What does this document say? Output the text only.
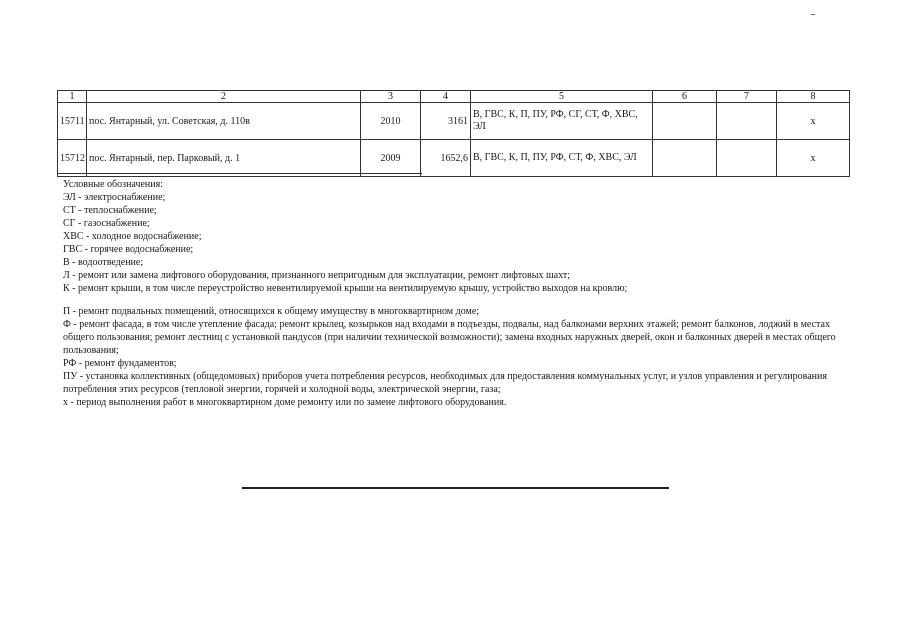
1	2	3	4	5	6	7	8
15711	пос. Янтарный, ул. Советская, д. 110в	2010	3161	В, ГВС, К, П, ПУ, РФ, СГ, СТ, Ф, ХВС, ЭЛ			х
15712	пос. Янтарный, пер. Парковый, д. 1	2009	1652,6	В, ГВС, К, П, ПУ, РФ, СТ, Ф, ХВС, ЭЛ			х
Условные обозначения:
ЭЛ - электроснабжение;
СТ - теплоснабжение;
СГ - газоснабжение;
ХВС - холодное водоснабжение;
ГВС - горячее водоснабжение;
В - водоотведение;
Л - ремонт или замена лифтового оборудования, признанного непригодным для эксплуатации, ремонт лифтовых шахт;
К - ремонт крыши, в том числе переустройство невентилируемой крыши на вентилируемую крышу, устройство выходов на кровлю;
П - ремонт подвальных помещений, относящихся к общему имуществу в многоквартирном доме;
Ф - ремонт фасада, в том числе утепление фасада; ремонт крылец, козырьков над входами в подъезды, подвалы, над балконами верхних этажей; ремонт балконов, лоджий в местах общего пользования; ремонт лестниц с установкой пандусов (при наличии технической возможности); замена входных наружных дверей, окон и балконных дверей в местах общего пользования;
РФ - ремонт фундаментов;
ПУ - установка коллективных (общедомовых) приборов учета потребления ресурсов, необходимых для предоставления коммунальных услуг, и узлов управления и регулирования потребления этих ресурсов (тепловой энергии, горячей и холодной воды, электрической энергии, газа;
х - период выполнения работ в многоквартирном доме ремонту или по замене лифтового оборудования.
